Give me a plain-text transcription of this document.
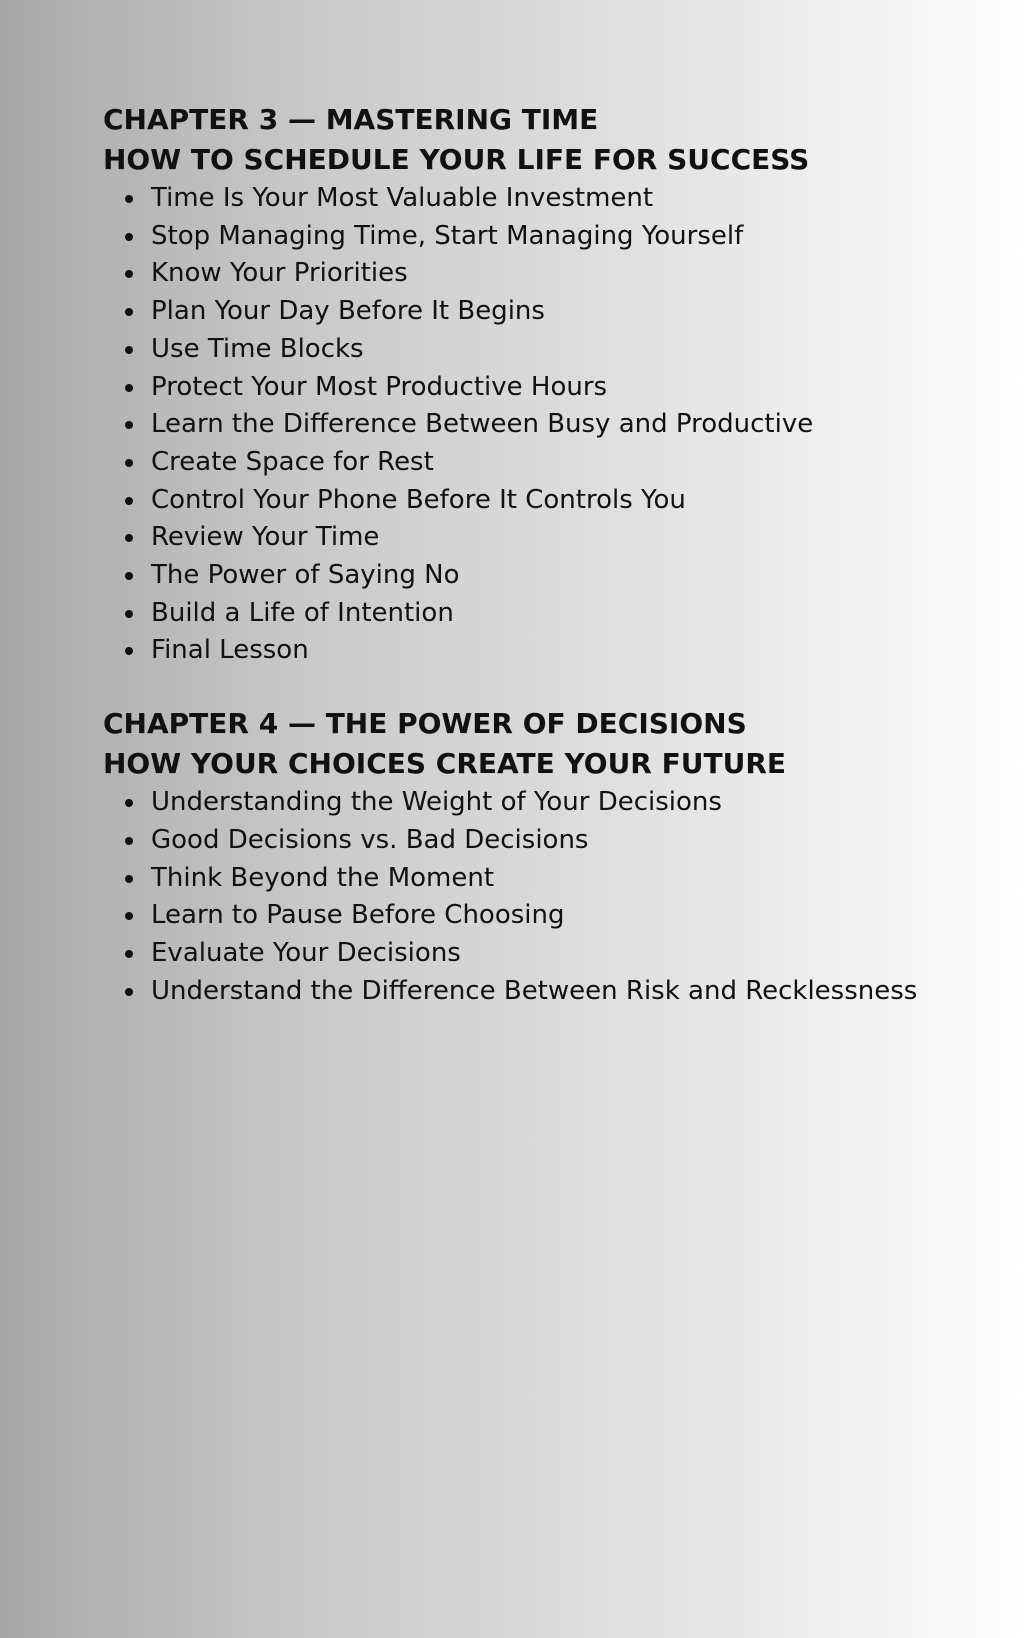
CHAPTER 3 — MASTERING TIME
HOW TO SCHEDULE YOUR LIFE FOR SUCCESS
Time Is Your Most Valuable Investment
Stop Managing Time, Start Managing Yourself
Know Your Priorities
Plan Your Day Before It Begins
Use Time Blocks
Protect Your Most Productive Hours
Learn the Difference Between Busy and Productive
Create Space for Rest
Control Your Phone Before It Controls You
Review Your Time
The Power of Saying No
Build a Life of Intention
Final Lesson
CHAPTER 4 — THE POWER OF DECISIONS
HOW YOUR CHOICES CREATE YOUR FUTURE
Understanding the Weight of Your Decisions
Good Decisions vs. Bad Decisions
Think Beyond the Moment
Learn to Pause Before Choosing
Evaluate Your Decisions
Understand the Difference Between Risk and Recklessness
